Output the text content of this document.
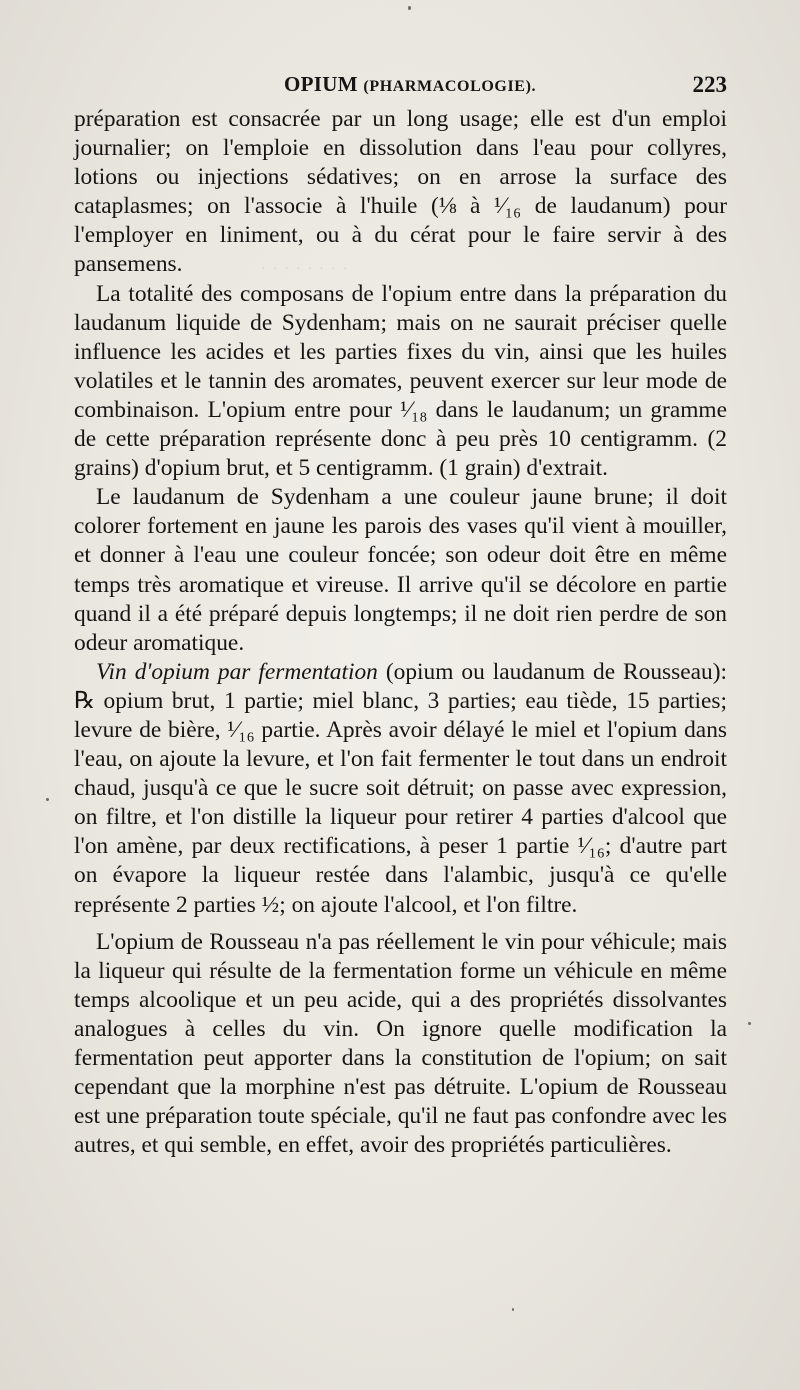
· · · · · · · ·
OPIUM (PHARMACOLOGIE).	223

préparation est consacrée par un long usage; elle est d'un emploi journalier; on l'emploie en dissolution dans l'eau pour collyres, lotions ou injections sédatives; on en arrose la surface des cataplasmes; on l'associe à l'huile (⅛ à ¹⁄₁₆ de laudanum) pour l'employer en liniment, ou à du cérat pour le faire servir à des pansemens.

La totalité des composans de l'opium entre dans la préparation du laudanum liquide de Sydenham; mais on ne saurait préciser quelle influence les acides et les parties fixes du vin, ainsi que les huiles volatiles et le tannin des aromates, peuvent exercer sur leur mode de combinaison. L'opium entre pour ¹⁄₁₈ dans le laudanum; un gramme de cette préparation représente donc à peu près 10 centigramm. (2 grains) d'opium brut, et 5 centigramm. (1 grain) d'extrait.

Le laudanum de Sydenham a une couleur jaune brune; il doit colorer fortement en jaune les parois des vases qu'il vient à mouiller, et donner à l'eau une couleur foncée; son odeur doit être en même temps très aromatique et vireuse. Il arrive qu'il se décolore en partie quand il a été préparé depuis longtemps; il ne doit rien perdre de son odeur aromatique.

Vin d'opium par fermentation (opium ou laudanum de Rousseau): ℞ opium brut, 1 partie; miel blanc, 3 parties; eau tiède, 15 parties; levure de bière, ¹⁄₁₆ partie. Après avoir délayé le miel et l'opium dans l'eau, on ajoute la levure, et l'on fait fermenter le tout dans un endroit chaud, jusqu'à ce que le sucre soit détruit; on passe avec expression, on filtre, et l'on distille la liqueur pour retirer 4 parties d'alcool que l'on amène, par deux rectifications, à peser 1 partie ¹⁄₁₆; d'autre part on évapore la liqueur restée dans l'alambic, jusqu'à ce qu'elle représente 2 parties ½; on ajoute l'alcool, et l'on filtre.

L'opium de Rousseau n'a pas réellement le vin pour véhicule; mais la liqueur qui résulte de la fermentation forme un véhicule en même temps alcoolique et un peu acide, qui a des propriétés dissolvantes analogues à celles du vin. On ignore quelle modification la fermentation peut apporter dans la constitution de l'opium; on sait cependant que la morphine n'est pas détruite. L'opium de Rousseau est une préparation toute spéciale, qu'il ne faut pas confondre avec les autres, et qui semble, en effet, avoir des propriétés particulières.
